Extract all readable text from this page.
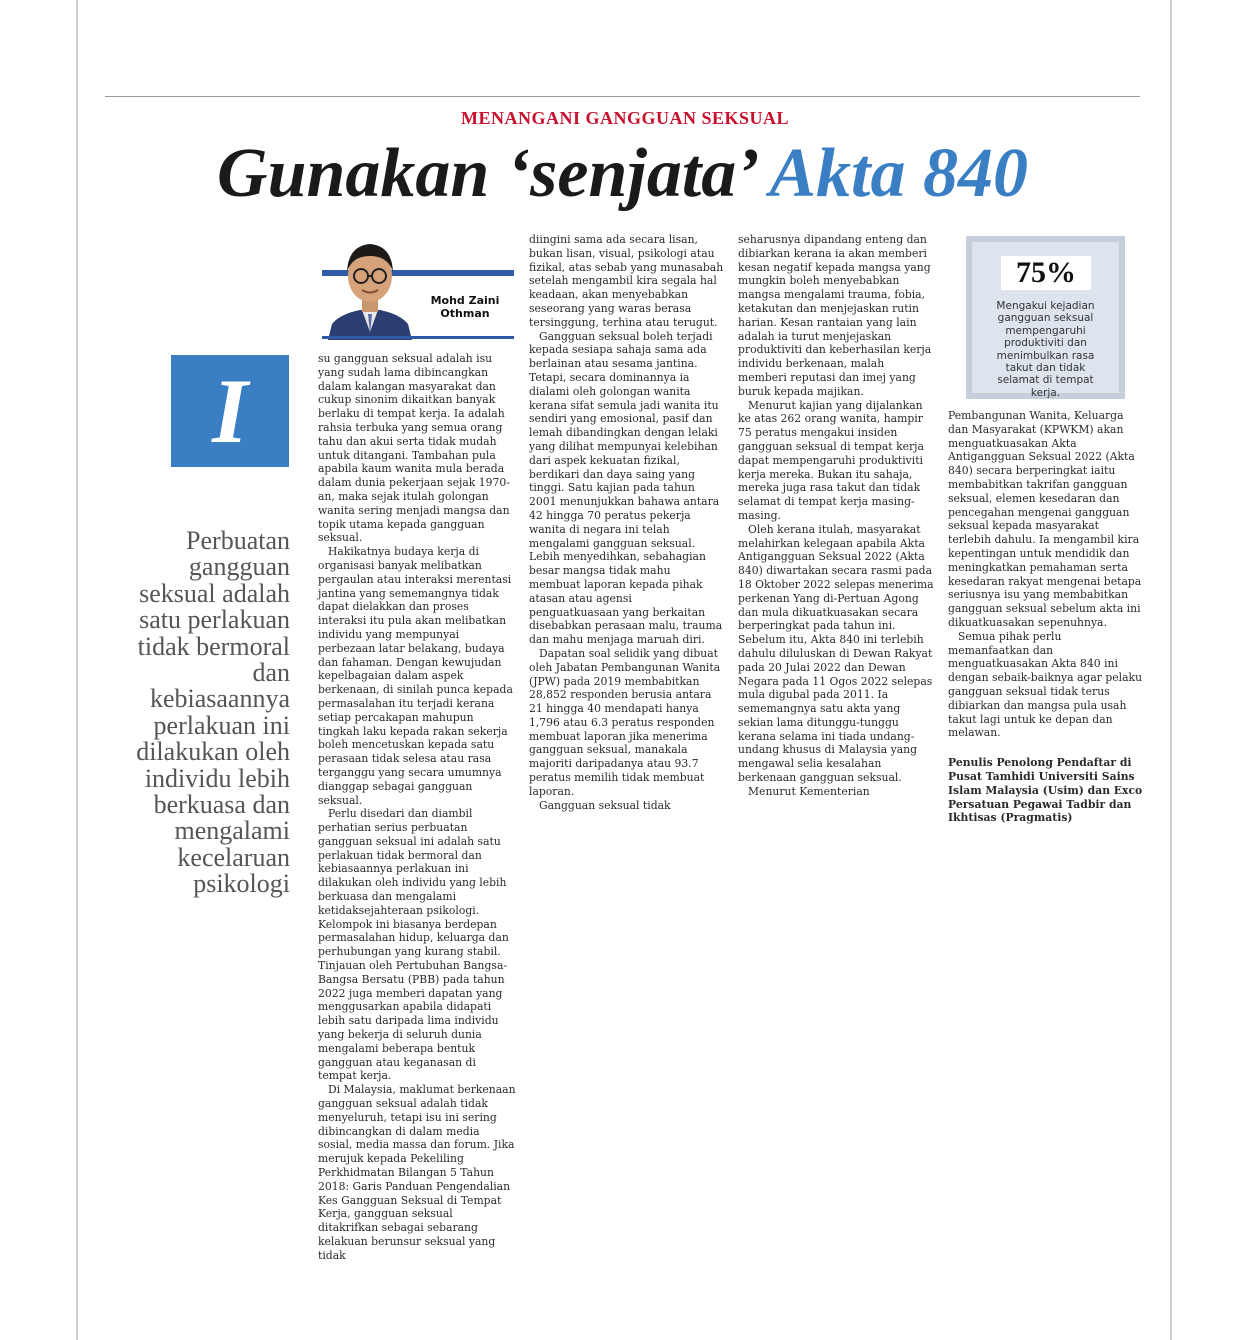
MENANGANI GANGGUAN SEKSUAL
Gunakan ‘senjata’ Akta 840
Mohd Zaini
Othman
I
Perbuatan gangguan seksual adalah satu perlakuan tidak bermoral dan kebiasaannya perlakuan ini dilakukan oleh individu lebih berkuasa dan mengalami kecelaruan psikologi

su gangguan seksual adalah isu yang sudah lama dibincangkan dalam kalangan masyarakat dan cukup sinonim dikaitkan banyak berlaku di tempat kerja. Ia adalah rahsia terbuka yang semua orang tahu dan akui serta tidak mudah untuk ditangani. Tambahan pula apabila kaum wanita mula berada dalam dunia pekerjaan sejak 1970-an, maka sejak itulah golongan wanita sering menjadi mangsa dan topik utama kepada gangguan seksual.

Hakikatnya budaya kerja di organisasi banyak melibatkan pergaulan atau interaksi merentasi jantina yang sememangnya tidak dapat dielakkan dan proses interaksi itu pula akan melibatkan individu yang mempunyai perbezaan latar belakang, budaya dan fahaman. Dengan kewujudan kepelbagaian dalam aspek berkenaan, di sinilah punca kepada permasalahan itu terjadi kerana setiap percakapan mahupun tingkah laku kepada rakan sekerja boleh mencetuskan kepada satu perasaan tidak selesa atau rasa terganggu yang secara umumnya dianggap sebagai gangguan seksual.

Perlu disedari dan diambil perhatian serius perbuatan gangguan seksual ini adalah satu perlakuan tidak bermoral dan kebiasaannya perlakuan ini dilakukan oleh individu yang lebih berkuasa dan mengalami ketidaksejahteraan psikologi. Kelompok ini biasanya berdepan permasalahan hidup, keluarga dan perhubungan yang kurang stabil. Tinjauan oleh Pertubuhan Bangsa-Bangsa Bersatu (PBB) pada tahun 2022 juga memberi dapatan yang menggusarkan apabila didapati lebih satu daripada lima individu yang bekerja di seluruh dunia mengalami beberapa bentuk gangguan atau keganasan di tempat kerja.

Di Malaysia, maklumat berkenaan gangguan seksual adalah tidak menyeluruh, tetapi isu ini sering dibincangkan di dalam media sosial, media massa dan forum. Jika merujuk kepada Pekeliling Perkhidmatan Bilangan 5 Tahun 2018: Garis Panduan Pengendalian Kes Gangguan Seksual di Tempat Kerja, gangguan seksual ditakrifkan sebagai sebarang kelakuan berunsur seksual yang tidak

diingini sama ada secara lisan, bukan lisan, visual, psikologi atau fizikal, atas sebab yang munasabah setelah mengambil kira segala hal keadaan, akan menyebabkan seseorang yang waras berasa tersinggung, terhina atau terugut.

Gangguan seksual boleh terjadi kepada sesiapa sahaja sama ada berlainan atau sesama jantina. Tetapi, secara dominannya ia dialami oleh golongan wanita kerana sifat semula jadi wanita itu sendiri yang emosional, pasif dan lemah dibandingkan dengan lelaki yang dilihat mempunyai kelebihan dari aspek kekuatan fizikal, berdikari dan daya saing yang tinggi. Satu kajian pada tahun 2001 menunjukkan bahawa antara 42 hingga 70 peratus pekerja wanita di negara ini telah mengalami gangguan seksual. Lebih menyedihkan, sebahagian besar mangsa tidak mahu membuat laporan kepada pihak atasan atau agensi penguatkuasaan yang berkaitan disebabkan perasaan malu, trauma dan mahu menjaga maruah diri.

Dapatan soal selidik yang dibuat oleh Jabatan Pembangunan Wanita (JPW) pada 2019 membabitkan 28,852 responden berusia antara 21 hingga 40 mendapati hanya 1,796 atau 6.3 peratus responden membuat laporan jika menerima gangguan seksual, manakala majoriti daripadanya atau 93.7 peratus memilih tidak membuat laporan.

Gangguan seksual tidak

seharusnya dipandang enteng dan dibiarkan kerana ia akan memberi kesan negatif kepada mangsa yang mungkin boleh menyebabkan mangsa mengalami trauma, fobia, ketakutan dan menjejaskan rutin harian. Kesan rantaian yang lain adalah ia turut menjejaskan produktiviti dan keberhasilan kerja individu berkenaan, malah memberi reputasi dan imej yang buruk kepada majikan.

Menurut kajian yang dijalankan ke atas 262 orang wanita, hampir 75 peratus mengakui insiden gangguan seksual di tempat kerja dapat mempengaruhi produktiviti kerja mereka. Bukan itu sahaja, mereka juga rasa takut dan tidak selamat di tempat kerja masing-masing.

Oleh kerana itulah, masyarakat melahirkan kelegaan apabila Akta Antigangguan Seksual 2022 (Akta 840) diwartakan secara rasmi pada 18 Oktober 2022 selepas menerima perkenan Yang di-Pertuan Agong dan mula dikuatkuasakan secara berperingkat pada tahun ini. Sebelum itu, Akta 840 ini terlebih dahulu diluluskan di Dewan Rakyat pada 20 Julai 2022 dan Dewan Negara pada 11 Ogos 2022 selepas mula digubal pada 2011. Ia sememangnya satu akta yang sekian lama ditunggu-tunggu kerana selama ini tiada undang-undang khusus di Malaysia yang mengawal selia kesalahan berkenaan gangguan seksual.

Menurut Kementerian

75%
Mengakui kejadian gangguan seksual mempengaruhi produktiviti dan menimbulkan rasa takut dan tidak selamat di tempat kerja.

Pembangunan Wanita, Keluarga dan Masyarakat (KPWKM) akan menguatkuasakan Akta Antigangguan Seksual 2022 (Akta 840) secara berperingkat iaitu membabitkan takrifan gangguan seksual, elemen kesedaran dan pencegahan mengenai gangguan seksual kepada masyarakat terlebih dahulu. Ia mengambil kira kepentingan untuk mendidik dan meningkatkan pemahaman serta kesedaran rakyat mengenai betapa seriusnya isu yang membabitkan gangguan seksual sebelum akta ini dikuatkuasakan sepenuhnya.

Semua pihak perlu memanfaatkan dan menguatkuasakan Akta 840 ini dengan sebaik-baiknya agar pelaku gangguan seksual tidak terus dibiarkan dan mangsa pula usah takut lagi untuk ke depan dan melawan.

Penulis Penolong Pendaftar di Pusat Tamhidi Universiti Sains Islam Malaysia (Usim) dan Exco Persatuan Pegawai Tadbir dan Ikhtisas (Pragmatis)
